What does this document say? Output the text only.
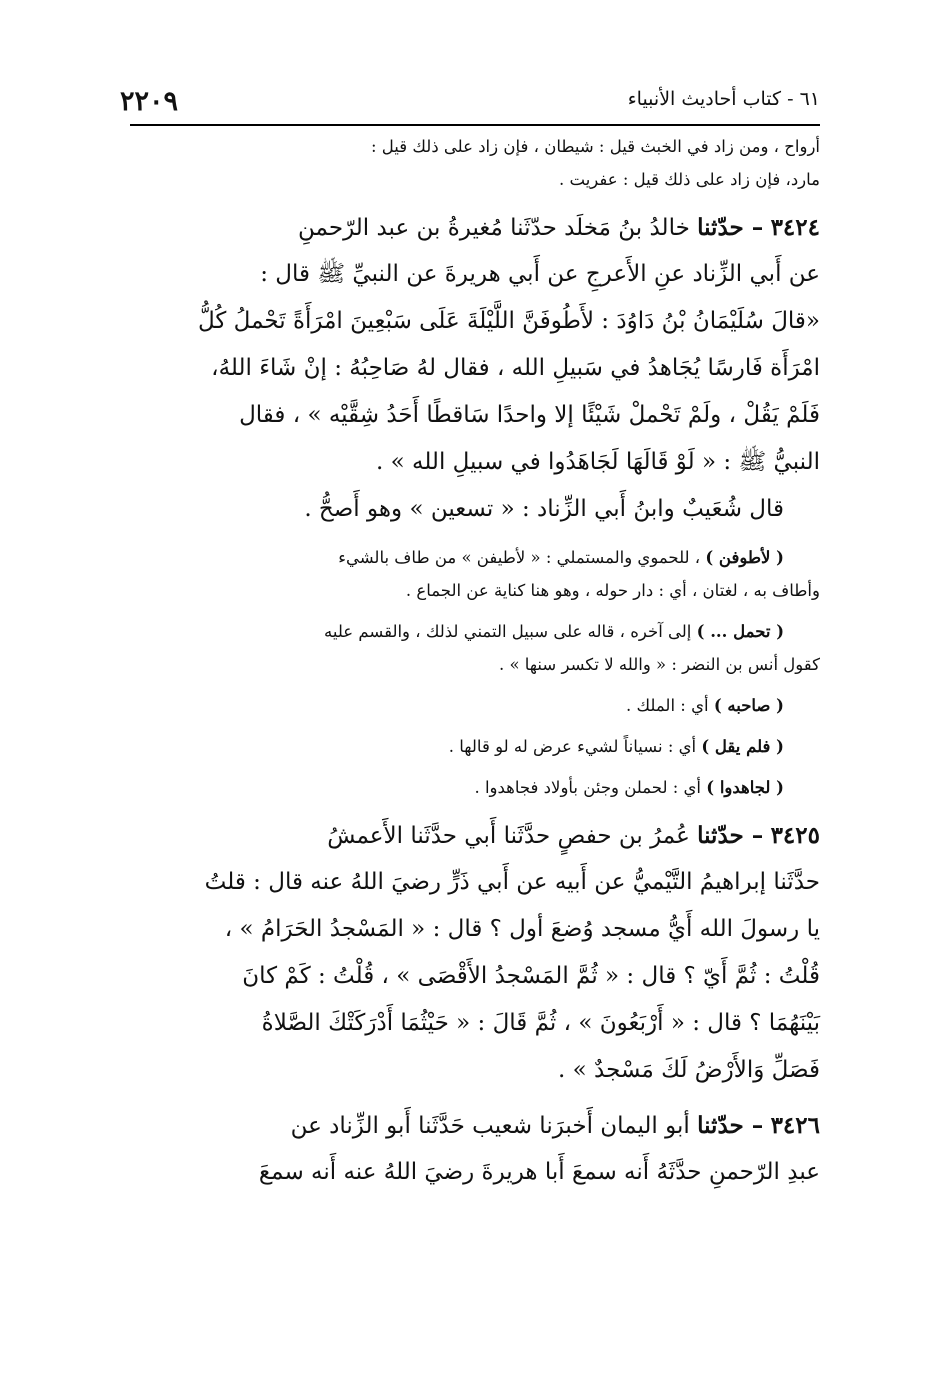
٦١ - كتاب أحاديث الأنبياء
٢٢٠٩
أرواح ، ومن زاد في الخبث قيل : شيطان ، فإن زاد على ذلك قيل :
مارد، فإن زاد على ذلك قيل : عفريت .
٣٤٢٤ – حدّثنا خالدُ بنُ مَخلَد حدّثَنا مُغيرةُ بن عبد الرّحمنِ
عن أَبي الزِّناد عنِ الأَعرجِ عن أَبي هريرةَ عن النبيِّ ﷺ قال :
«قالَ سُلَيْمَانُ بْنُ دَاوُدَ : لأَطُوفَنَّ اللَّيْلَةَ عَلَى سَبْعِينَ امْرَأَةً تَحْملُ كُلُّ
امْرَأَة فَارسًا يُجَاهدُ في سَبيلِ الله ، فقال لهُ صَاحِبُهُ : إنْ شَاءَ اللهُ،
فَلَمْ يَقُلْ ، ولَمْ تَحْملْ شَيْئًا إلا واحدًا سَاقطًا أَحَدُ شِقَّيْه » ، فقال
النبيُّ ﷺ : « لَوْ قَالَهَا لَجَاهَدُوا في سبيلِ الله » .
قال شُعَيبٌ وابنُ أَبي الزِّناد : « تسعين » وهو أَصحُّ .
( لأطوفن ) ، للحموي والمستملي : « لأطيفن » من طاف بالشيء
وأطاف به ، لغتان ، أي : دار حوله ، وهو هنا كناية عن الجماع .
( تحمل ... ) إلى آخره ، قاله على سبيل التمني لذلك ، والقسم عليه
كقول أنس بن النضر : « والله لا تكسر سنها » .
( صاحبه ) أي : الملك .
( فلم يقل ) أي : نسياناً لشيء عرض له لو قالها .
( لجاهدوا ) أي : لحملن وجئن بأولاد فجاهدوا .
٣٤٢٥ – حدّثنا عُمرُ بن حفصٍ حدَّثَنا أَبي حدَّثَنا الأَعمشُ
حدَّثَنا إبراهيمُ التَّيْميُّ عن أَبيه عن أَبي ذَرٍّ رضيَ اللهُ عنه قال : قلتُ
يا رسولَ الله أَيُّ مسجد وُضعَ أول ؟ قال : « المَسْجدُ الحَرَامُ » ،
قُلْتُ : ثُمَّ أَيّ ؟ قال : « ثُمَّ المَسْجدُ الأَقْصَى » ، قُلْتُ : كَمْ كانَ
بَيْنَهُمَا ؟ قال : « أَرْبَعُونَ » ، ثُمَّ قَالَ : « حَيْثُمَا أَدْرَكَتْكَ الصَّلاةُ
فَصَلِّ وَالأَرْضُ لَكَ مَسْجدٌ » .
٣٤٢٦ – حدّثنا أبو اليمان أَخبرَنا شعيب حَدَّثَنا أَبو الزِّناد عن
عبدِ الرّحمنِ حدَّثَهُ أَنه سمعَ أَبا هريرةَ رضيَ اللهُ عنه أَنه سمعَ
